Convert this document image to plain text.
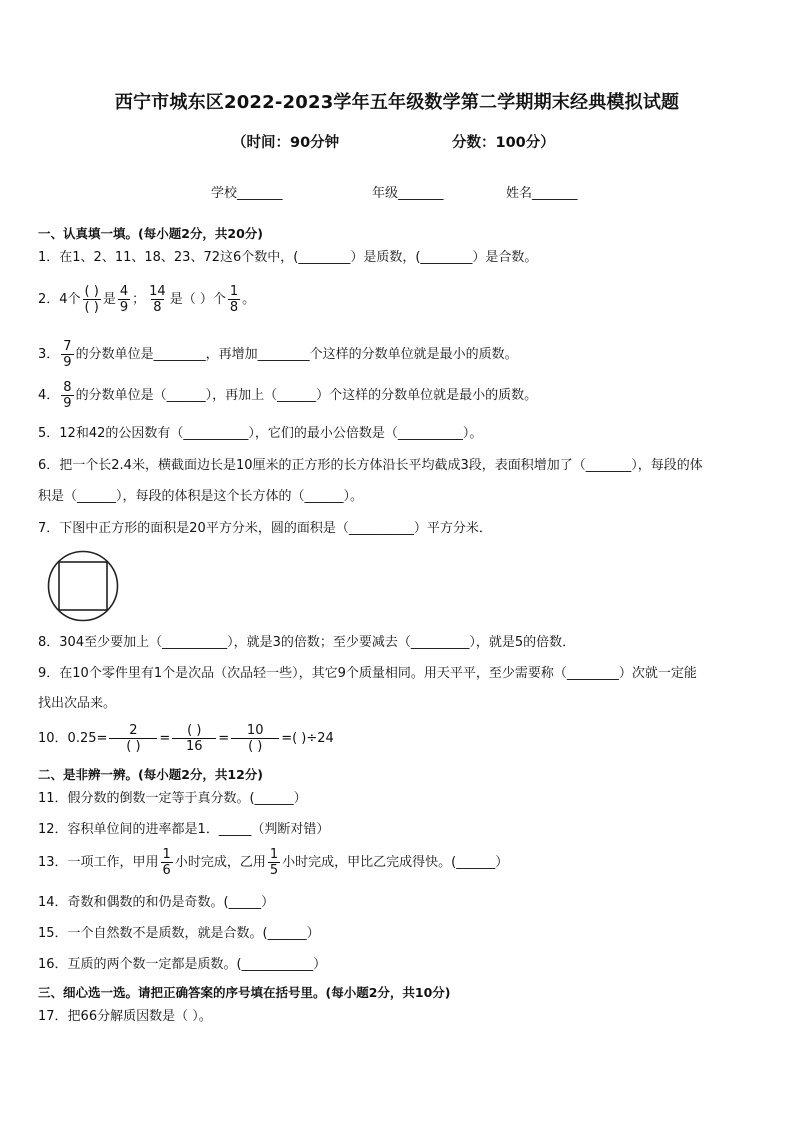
西宁市城东区2022-2023学年五年级数学第二学期期末经典模拟试题
（时间：90分钟	分数：100分）
学校_______	年级_______	姓名_______
一、认真填一填。(每小题2分，共20分)
1．在1、2、11、18、23、72这6个数中，(________）是质数，(________）是合数。
2．4个 $\frac{( )}{( )}$ 是 $\frac{4}{9}$ ； $\frac{14}{8}$ 是（ ）个 $\frac{1}{8}$ 。
3． $\frac{7}{9}$ 的分数单位是________，再增加________个这样的分数单位就是最小的质数。
4． $\frac{8}{9}$ 的分数单位是（______），再加上（______）个这样的分数单位就是最小的质数。
5．12和42的公因数有（__________），它们的最小公倍数是（__________）。
6．把一个长2.4米，横截面边长是10厘米的正方形的长方体沿长平均截成3段，表面积增加了（_______），每段的体
积是（______），每段的体积是这个长方体的（______）。
7．下图中正方形的面积是20平方分米，圆的面积是（__________）平方分米．
8．304至少要加上（__________），就是3的倍数；至少要减去（_________），就是5的倍数．
9．在10个零件里有1个是次品（次品轻一些），其它9个质量相同。用天平平，至少需要称（________）次就一定能
找出次品来。
10．$0.25= \frac{2}{( )} = \frac{( )}{16} = \frac{10}{( )}$ =( )÷24
二、是非辨一辨。(每小题2分，共12分)
11．假分数的倒数一定等于真分数。(______）
12．容积单位间的进率都是1．_____（判断对错）
13．一项工作，甲用 $\frac{1}{6}$ 小时完成，乙用 $\frac{1}{5}$ 小时完成，甲比乙完成得快。(______）
14．奇数和偶数的和仍是奇数。(_____）
15．一个自然数不是质数，就是合数。(______）
16．互质的两个数一定都是质数。(___________）
三、细心选一选。请把正确答案的序号填在括号里。(每小题2分，共10分)
17．把66分解质因数是（ ）。
